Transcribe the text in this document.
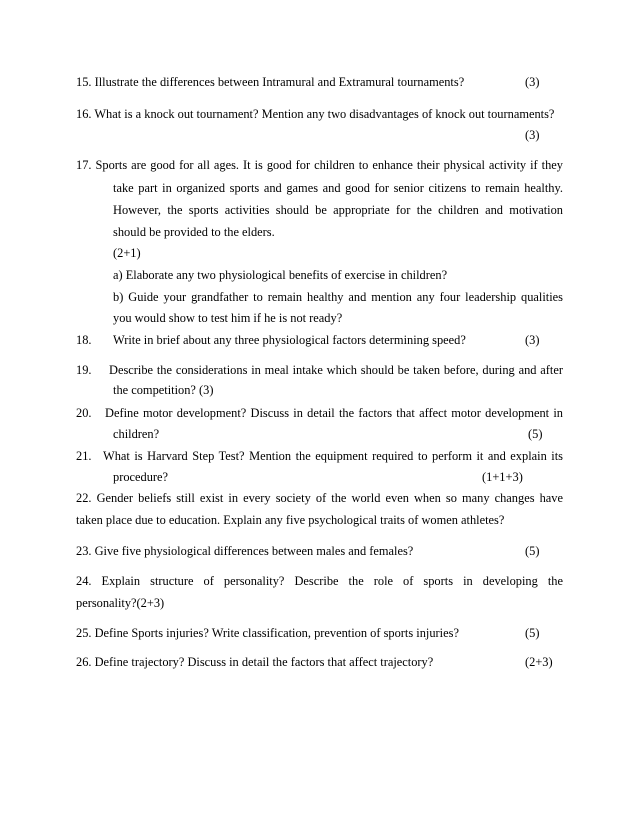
15. Illustrate the differences between Intramural and Extramural tournaments?	(3)
16. What is a knock out tournament? Mention any two disadvantages of knock out tournaments?
(3)
17. Sports are good for all ages. It is good for children to enhance their physical activity if they
take part in organized sports and games and good for senior citizens to remain healthy.
However, the sports activities should be appropriate for the children and motivation
should be provided to the elders.
(2+1)
a) Elaborate any two physiological benefits of exercise in children?
b) Guide your grandfather to remain healthy and mention any four leadership qualities
you would show to test him if he is not ready?
18. Write in brief about any three physiological factors determining speed?	(3)
19. Describe the considerations in meal intake which should be taken before, during and after
the competition? (3)
20. Define motor development? Discuss in detail the factors that affect motor development in
children?	(5)
21. What is Harvard Step Test? Mention the equipment required to perform it and explain its
procedure?	(1+1+3)
22. Gender beliefs still exist in every society of the world even when so many changes have
taken place due to education. Explain any five psychological traits of women athletes?
23. Give five physiological differences between males and females?	(5)
24. Explain structure of personality? Describe the role of sports in developing the
personality?(2+3)
25. Define Sports injuries? Write classification, prevention of sports injuries?	(5)
26. Define trajectory? Discuss in detail the factors that affect trajectory?	(2+3)
